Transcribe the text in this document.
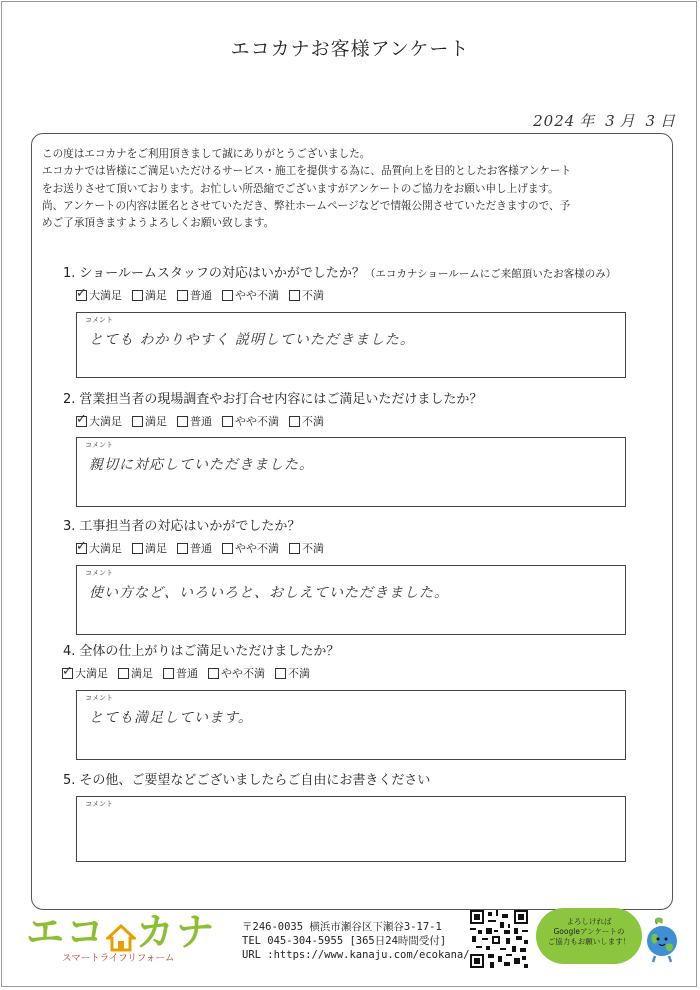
エコカナお客様アンケート
2024 年 3 月 3 日
この度はエコカナをご利用頂きまして誠にありがとうございました。
エコカナでは皆様にご満足いただけるサービス・施工を提供する為に、品質向上を目的としたお客様アンケート
をお送りさせて頂いております。お忙しい所恐縮でございますがアンケートのご協力をお願い申し上げます。
尚、アンケートの内容は匿名とさせていただき、弊社ホームページなどで情報公開させていただきますので、予
めご了承頂きますようよろしくお願い致します。
1. ショールームスタッフの対応はいかがでしたか？（エコカナショールームにご来館頂いたお客様のみ）
✓ 大満足 満足 普通 やや不満 不満
コメント
とても わかりやすく 説明していただきました。
2. 営業担当者の現場調査やお打合せ内容にはご満足いただけましたか？
✓ 大満足 満足 普通 やや不満 不満
コメント
親切に対応していただきました。
3. 工事担当者の対応はいかがでしたか？
✓ 大満足 満足 普通 やや不満 不満
コメント
使い方など、いろいろと、おしえていただきました。
4. 全体の仕上がりはご満足いただけましたか？
✓ 大満足 満足 普通 やや不満 不満
コメント
とても満足しています。
5. その他、ご要望などございましたらご自由にお書きください
コメント
エコ カナ
スマートライフリフォーム
〒246-0035 横浜市瀬谷区下瀬谷3-17-1
TEL 045-304-5955 [365日24時間受付]
URL :https://www.kanaju.com/ecokana/
よろしければ
Googleアンケートの
ご協力もお願いします！
